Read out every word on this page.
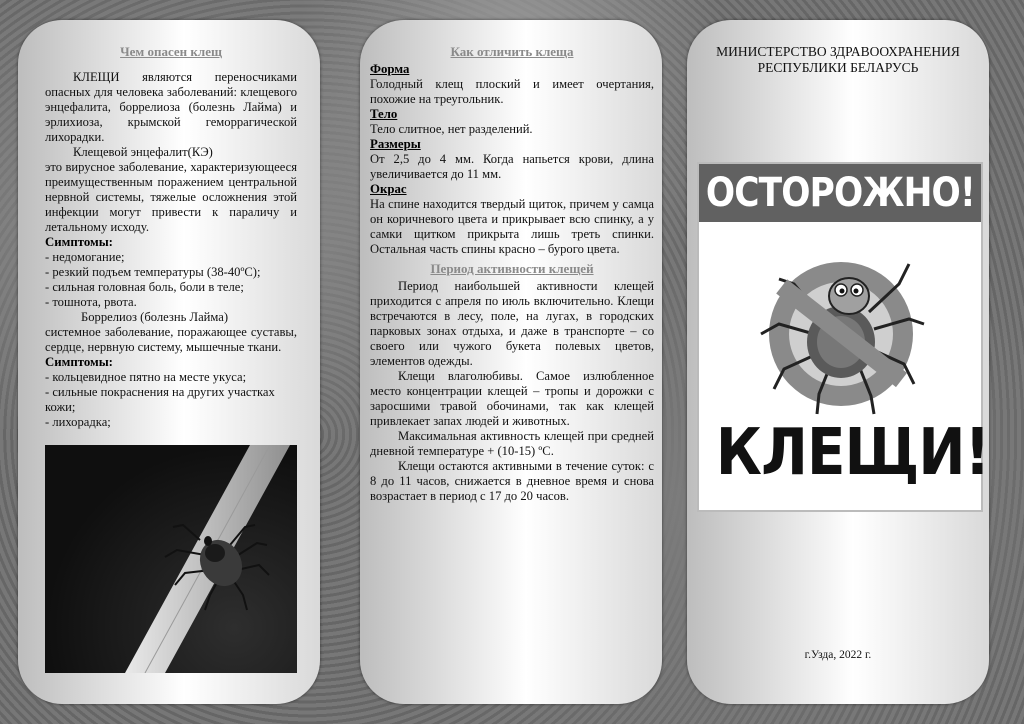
Чем опасен клещ

КЛЕЩИ являются переносчиками опасных для человека заболеваний: клещевого энцефалита, боррелиоза (болезнь Лайма) и эрлихиоза, крымской геморрагической лихорадки.

Клещевой энцефалит(КЭ)

это вирусное заболевание, характеризующееся преимущественным поражением центральной нервной системы, тяжелые осложнения этой инфекции могут привести к параличу и летальному исходу.

Симптомы:

- недомогание;

- резкий подъем температуры (38-40ºС);

- сильная головная боль, боли в теле;

- тошнота, рвота.

Боррелиоз (болезнь Лайма)

системное заболевание, поражающее суставы, сердце, нервную систему, мышечные ткани.

Симптомы:

- кольцевидное пятно на месте укуса;

- сильные покраснения на других участках кожи;

- лихорадка;

Как отличить клеща

Форма

Голодный клещ плоский и имеет очертания, похожие на треугольник.

Тело

Тело слитное, нет разделений.

Размеры

От 2,5 до 4 мм. Когда напьется крови, длина увеличивается до 11 мм.

Окрас

На спине находится твердый щиток, причем у самца он коричневого цвета и прикрывает всю спинку, а у самки щитком прикрыта лишь треть спинки. Остальная часть спины красно – бурого цвета.

Период активности клещей

Период наибольшей активности клещей приходится с апреля по июль включительно. Клещи встречаются в лесу, поле, на лугах, в городских парковых зонах отдыха, и даже в транспорте – со своего или чужого букета полевых цветов, элементов одежды.

Клещи влаголюбивы. Самое излюбленное место концентрации клещей – тропы и дорожки с заросшими травой обочинами, так как клещей привлекает запах людей и животных.

Максимальная активность клещей при средней дневной температуре + (10-15) ºС.

Клещи остаются активными в течение суток: с 8 до 11 часов, снижается в дневное время и снова возрастает в период с 17 до 20 часов.

МИНИСТЕРСТВО ЗДРАВООХРАНЕНИЯ РЕСПУБЛИКИ БЕЛАРУСЬ

ОСТОРОЖНО!
КЛЕЩИ!

г.Узда, 2022 г.
